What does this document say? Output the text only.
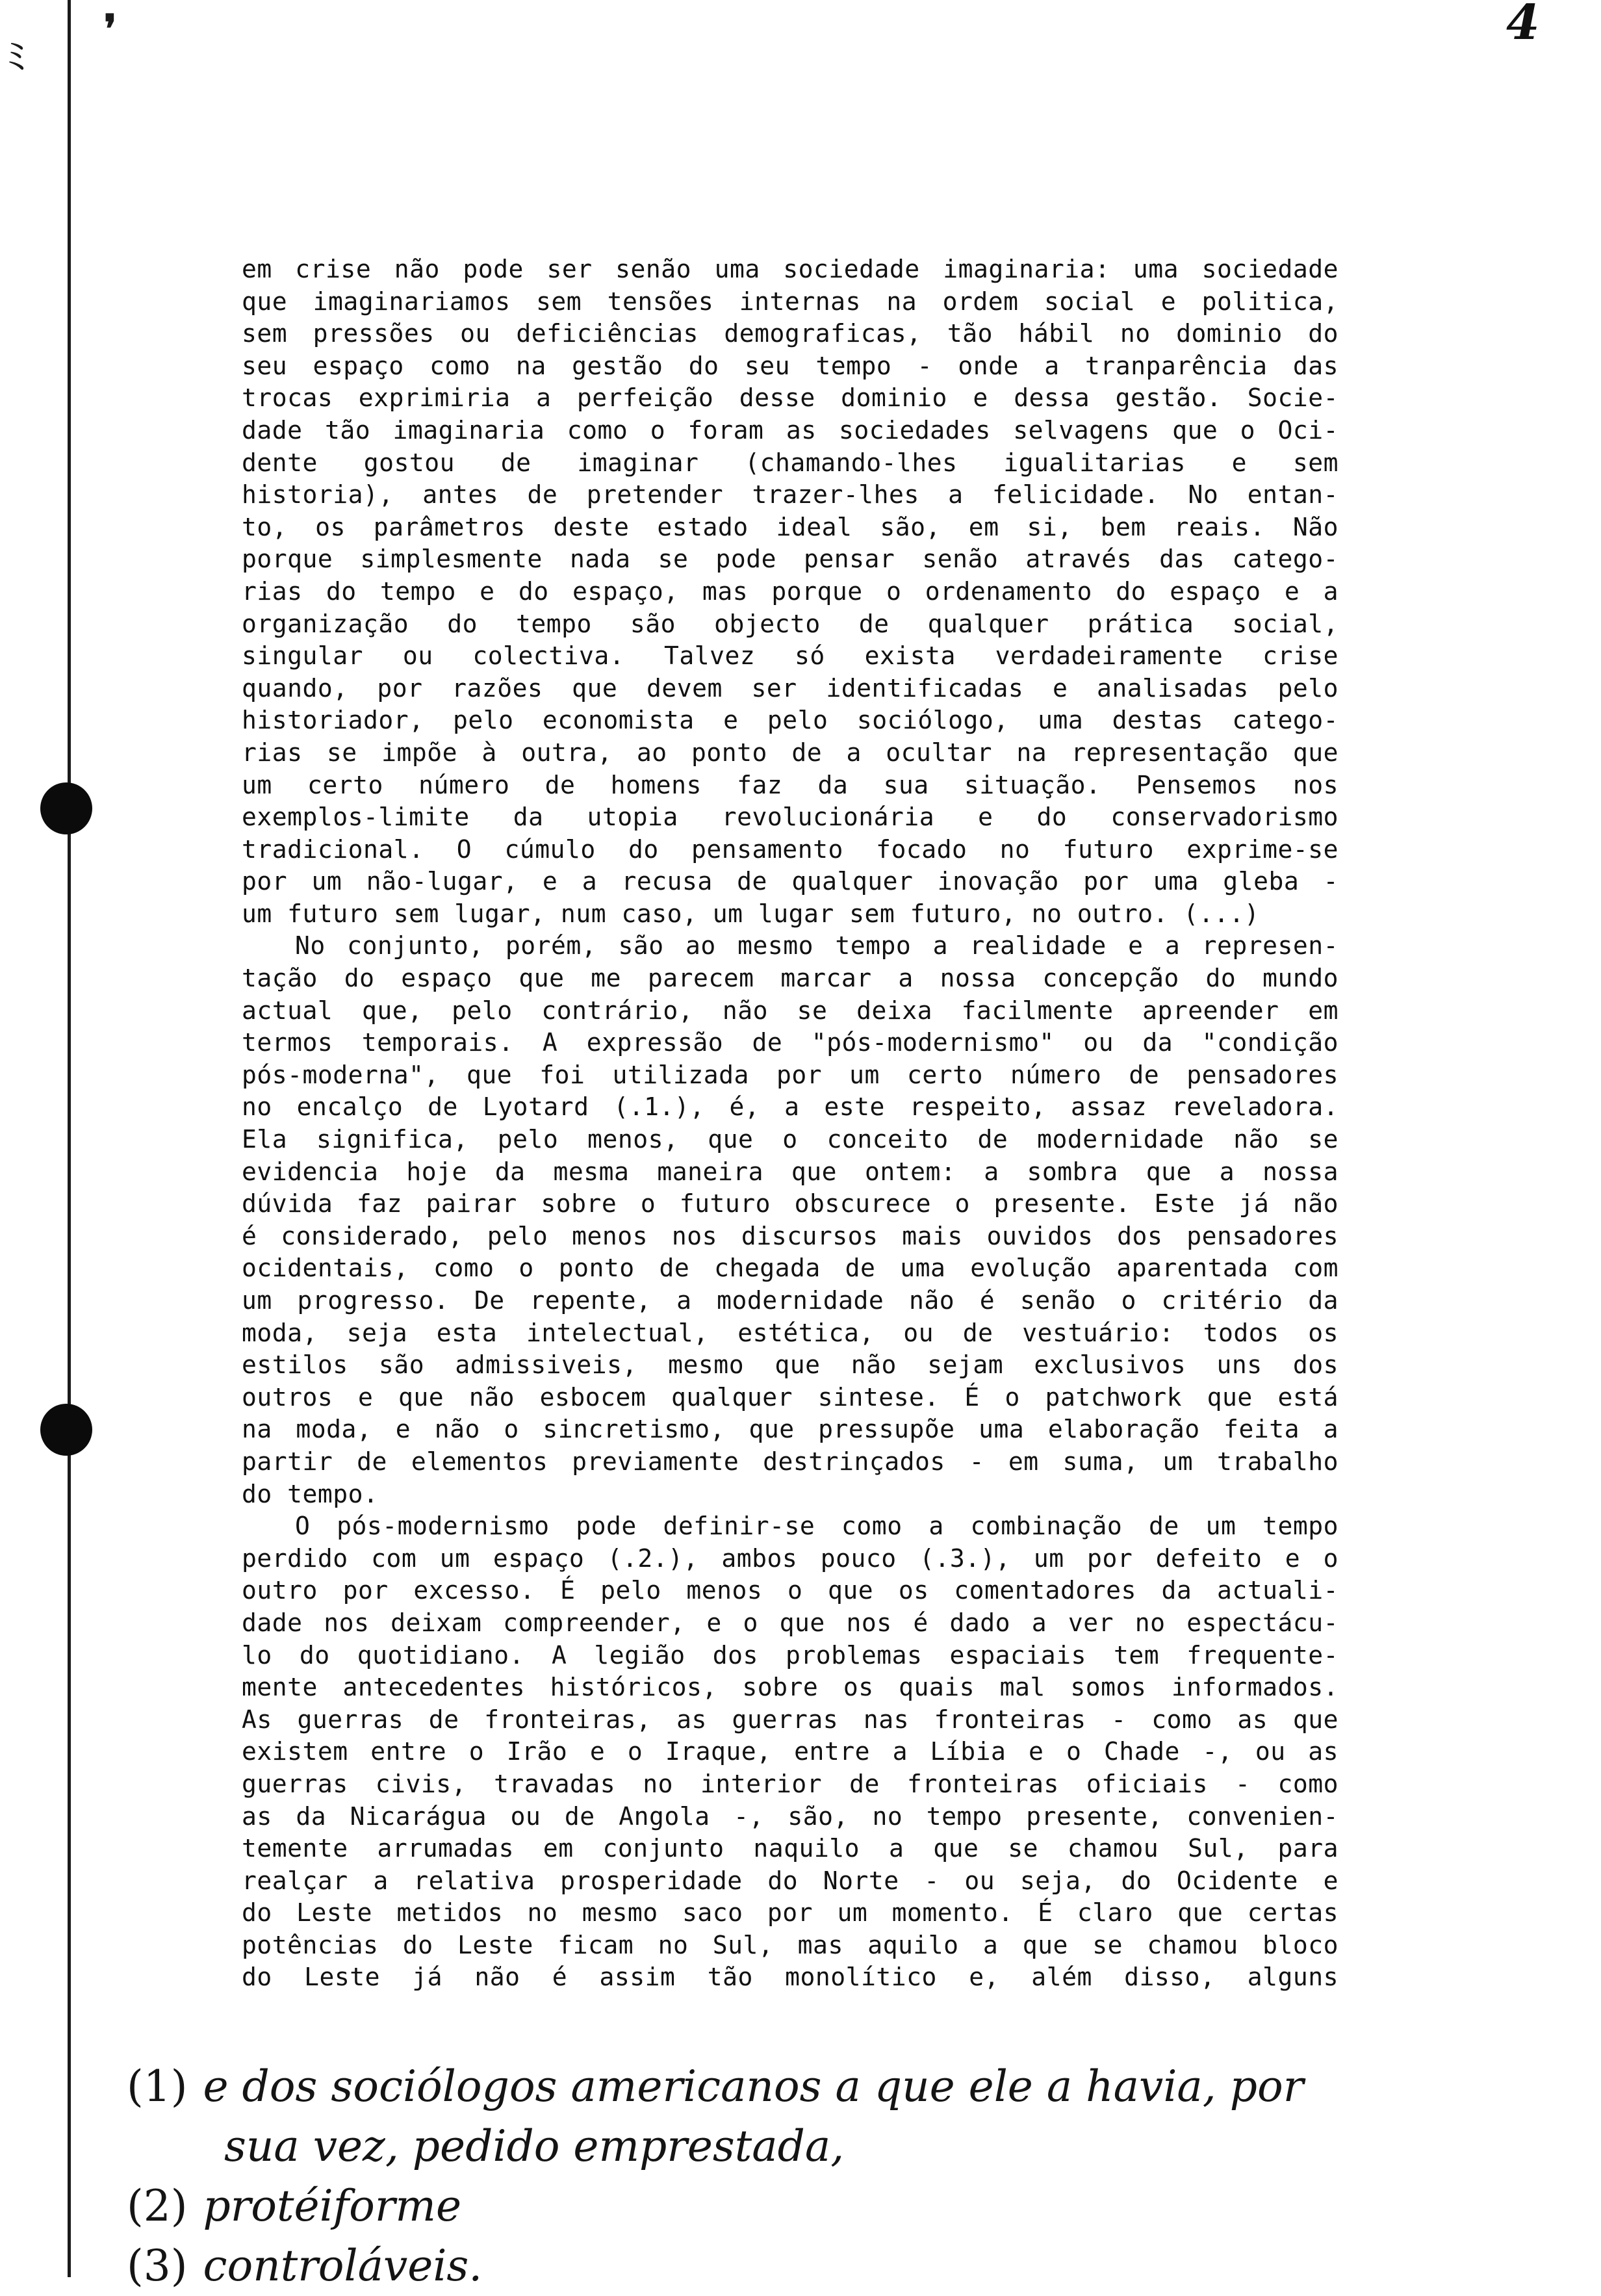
ﾐ
❜	4
em crise não pode ser senão uma sociedade imaginaria: uma sociedade
que imaginariamos sem tensões internas na ordem social e politica,
sem pressões ou deficiências demograficas, tão hábil no dominio do
seu espaço como na gestão do seu tempo - onde a tranparência das
trocas exprimiria a perfeição desse dominio e dessa gestão. Socie-
dade tão imaginaria como o foram as sociedades selvagens que o Oci-
dente gostou de imaginar (chamando-lhes igualitarias e sem
historia), antes de pretender trazer-lhes a felicidade. No entan-
to, os parâmetros deste estado ideal são, em si, bem reais. Não
porque simplesmente nada se pode pensar senão através das catego-
rias do tempo e do espaço, mas porque o ordenamento do espaço e a
organização do tempo são objecto de qualquer prática social,
singular ou colectiva. Talvez só exista verdadeiramente crise
quando, por razões que devem ser identificadas e analisadas pelo
historiador, pelo economista e pelo sociólogo, uma destas catego-
rias se impõe à outra, ao ponto de a ocultar na representação que
um certo número de homens faz da sua situação. Pensemos nos
exemplos-limite da utopia revolucionária e do conservadorismo
tradicional. O cúmulo do pensamento focado no futuro exprime-se
por um não-lugar, e a recusa de qualquer inovação por uma gleba -
um futuro sem lugar, num caso, um lugar sem futuro, no outro. (...)
No conjunto, porém, são ao mesmo tempo a realidade e a represen-
tação do espaço que me parecem marcar a nossa concepção do mundo
actual que, pelo contrário, não se deixa facilmente apreender em
termos temporais. A expressão de "pós-modernismo" ou da "condição
pós-moderna", que foi utilizada por um certo número de pensadores
no encalço de Lyotard (.1.), é, a este respeito, assaz reveladora.
Ela significa, pelo menos, que o conceito de modernidade não se
evidencia hoje da mesma maneira que ontem: a sombra que a nossa
dúvida faz pairar sobre o futuro obscurece o presente. Este já não
é considerado, pelo menos nos discursos mais ouvidos dos pensadores
ocidentais, como o ponto de chegada de uma evolução aparentada com
um progresso. De repente, a modernidade não é senão o critério da
moda, seja esta intelectual, estética, ou de vestuário: todos os
estilos são admissiveis, mesmo que não sejam exclusivos uns dos
outros e que não esbocem qualquer sintese. É o patchwork que está
na moda, e não o sincretismo, que pressupõe uma elaboração feita a
partir de elementos previamente destrinçados - em suma, um trabalho
do tempo.
O pós-modernismo pode definir-se como a combinação de um tempo
perdido com um espaço (.2.), ambos pouco (.3.), um por defeito e o
outro por excesso. É pelo menos o que os comentadores da actuali-
dade nos deixam compreender, e o que nos é dado a ver no espectácu-
lo do quotidiano. A legião dos problemas espaciais tem frequente-
mente antecedentes históricos, sobre os quais mal somos informados.
As guerras de fronteiras, as guerras nas fronteiras - como as que
existem entre o Irão e o Iraque, entre a Líbia e o Chade -, ou as
guerras civis, travadas no interior de fronteiras oficiais - como
as da Nicarágua ou de Angola -, são, no tempo presente, convenien-
temente arrumadas em conjunto naquilo a que se chamou Sul, para
realçar a relativa prosperidade do Norte - ou seja, do Ocidente e
do Leste metidos no mesmo saco por um momento. É claro que certas
potências do Leste ficam no Sul, mas aquilo a que se chamou bloco
do Leste já não é assim tão monolítico e, além disso, alguns
(1) e dos sociólogos americanos a que ele a havia, por
sua vez, pedido emprestada,
(2) protéiforme
(3) controláveis.
